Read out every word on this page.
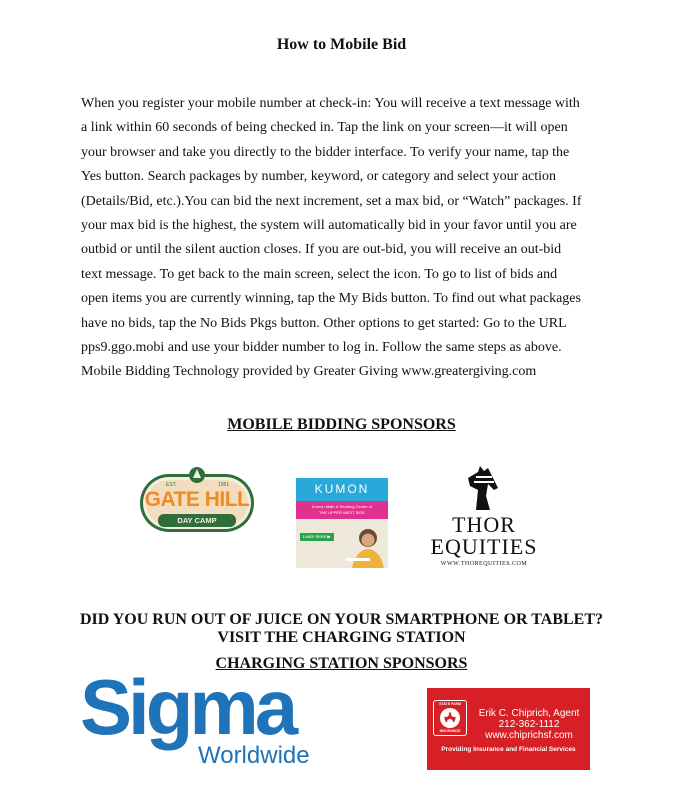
How to Mobile Bid
When you register your mobile number at check-in: You will receive a text message with
a link within 60 seconds of being checked in. Tap the link on your screen—it will open
your browser and take you directly to the bidder interface. To verify your name, tap the
Yes button. Search packages by number, keyword, or category and select your action
(Details/Bid, etc.).You can bid the next increment, set a max bid, or “Watch” packages. If
your max bid is the highest, the system will automatically bid in your favor until you are
outbid or until the silent auction closes. If you are out-bid, you will receive an out-bid
text message. To get back to the main screen, select the icon. To go to list of bids and
open items you are currently winning, tap the My Bids button. To find out what packages
have no bids, tap the No Bids Pkgs button. Other options to get started: Go to the URL
pps9.ggo.mobi and use your bidder number to log in. Follow the same steps as above.
Mobile Bidding Technology provided by Greater Giving www.greatergiving.com
MOBILE BIDDING SPONSORS
EST.	1951
GATE HILL
DAY CAMP
KUMON
Kumon Math & Reading Center of
THE UPPER WEST SIDE
Learn More ▶	THOR
EQUITIES
WWW.THOREQUITIES.COM
DID YOU RUN OUT OF JUICE ON YOUR SMARTPHONE OR TABLET?
VISIT THE CHARGING STATION
CHARGING STATION SPONSORS
Sigma
Worldwide
STATE FARM
INSURANCE
Erik C. Chiprich, Agent
212-362-1112
www.chiprichsf.com
Providing Insurance and Financial Services
